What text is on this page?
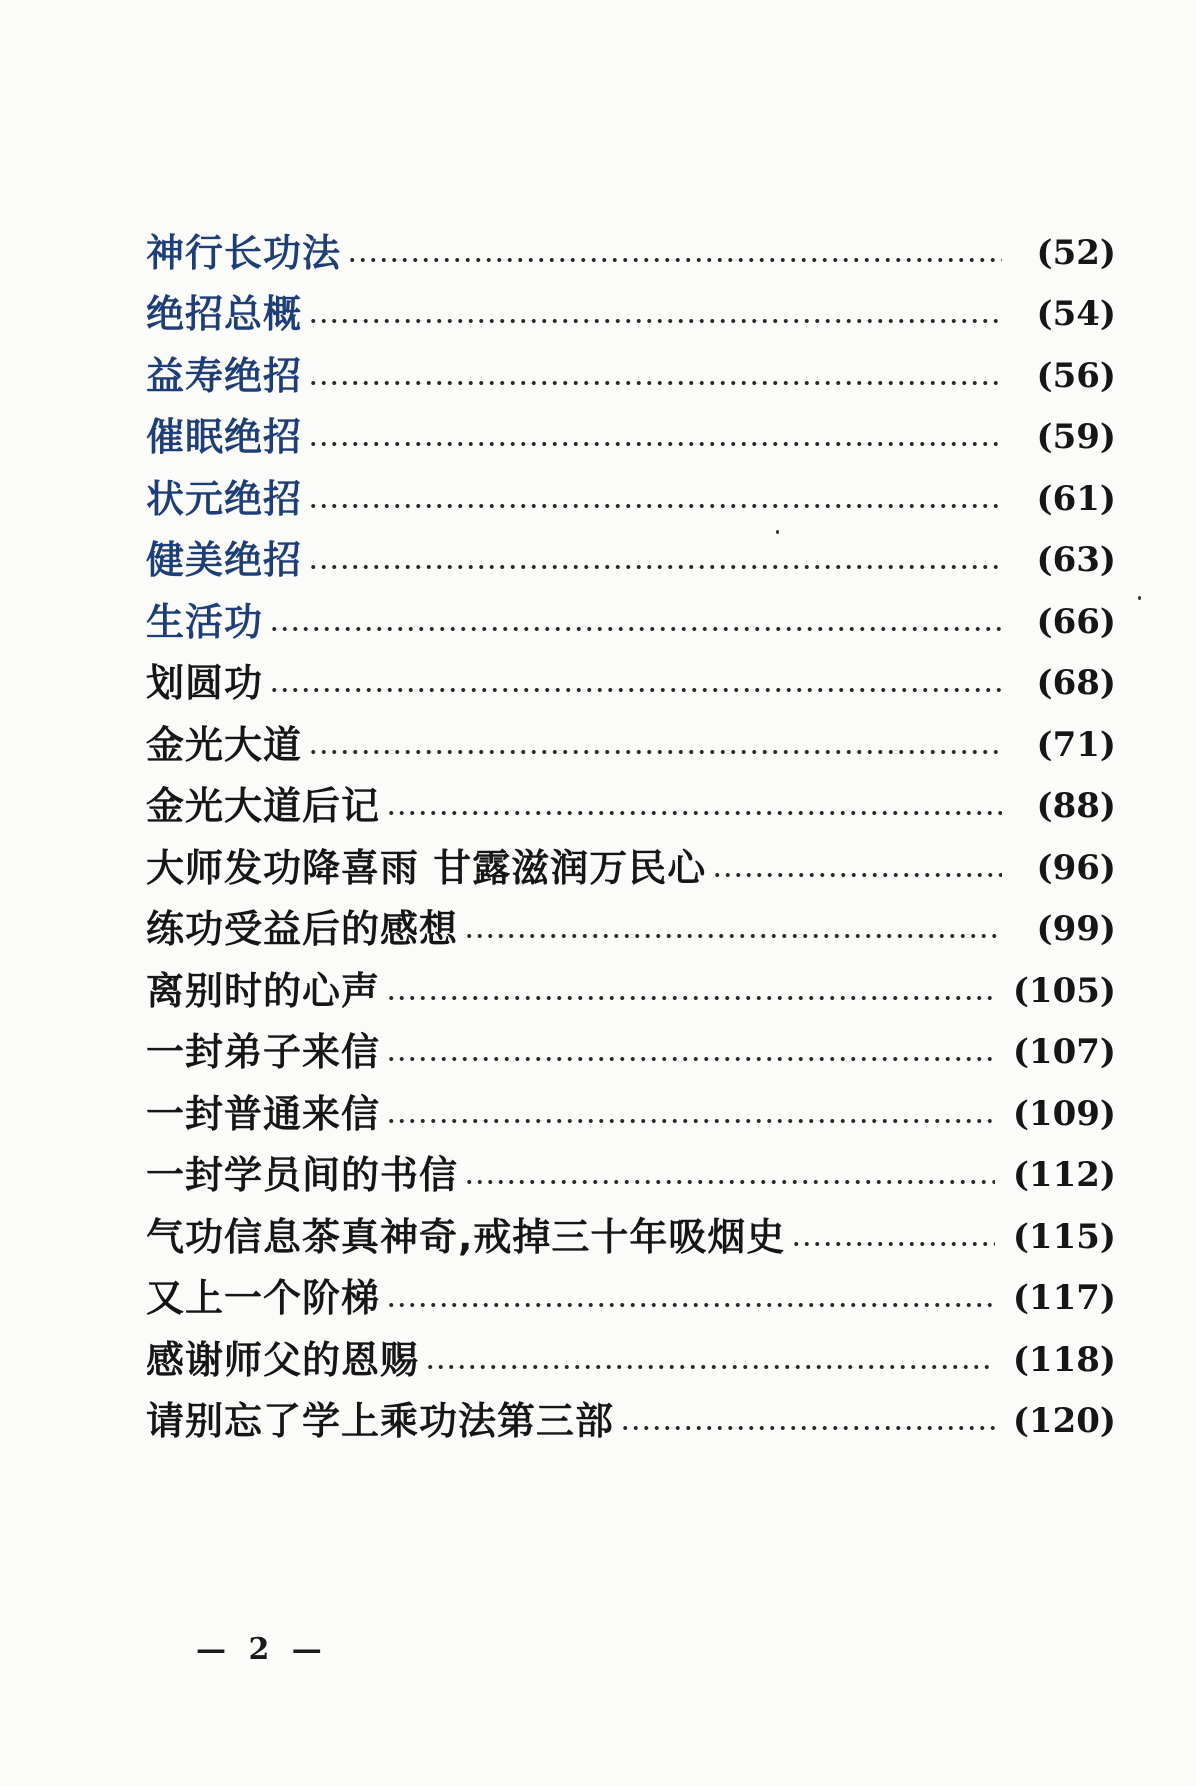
神行长功法	(52)
绝招总概	(54)
益寿绝招	(56)
催眠绝招	(59)
状元绝招	(61)
健美绝招	(63)
生活功	(66)
划圆功	(68)
金光大道	(71)
金光大道后记	(88)
大师发功降喜雨 甘露滋润万民心	(96)
练功受益后的感想	(99)
离别时的心声	(105)
一封弟子来信	(107)
一封普通来信	(109)
一封学员间的书信	(112)
气功信息茶真神奇,戒掉三十年吸烟史	(115)
又上一个阶梯	(117)
感谢师父的恩赐	(118)
请别忘了学上乘功法第三部	(120)
— 2 —
